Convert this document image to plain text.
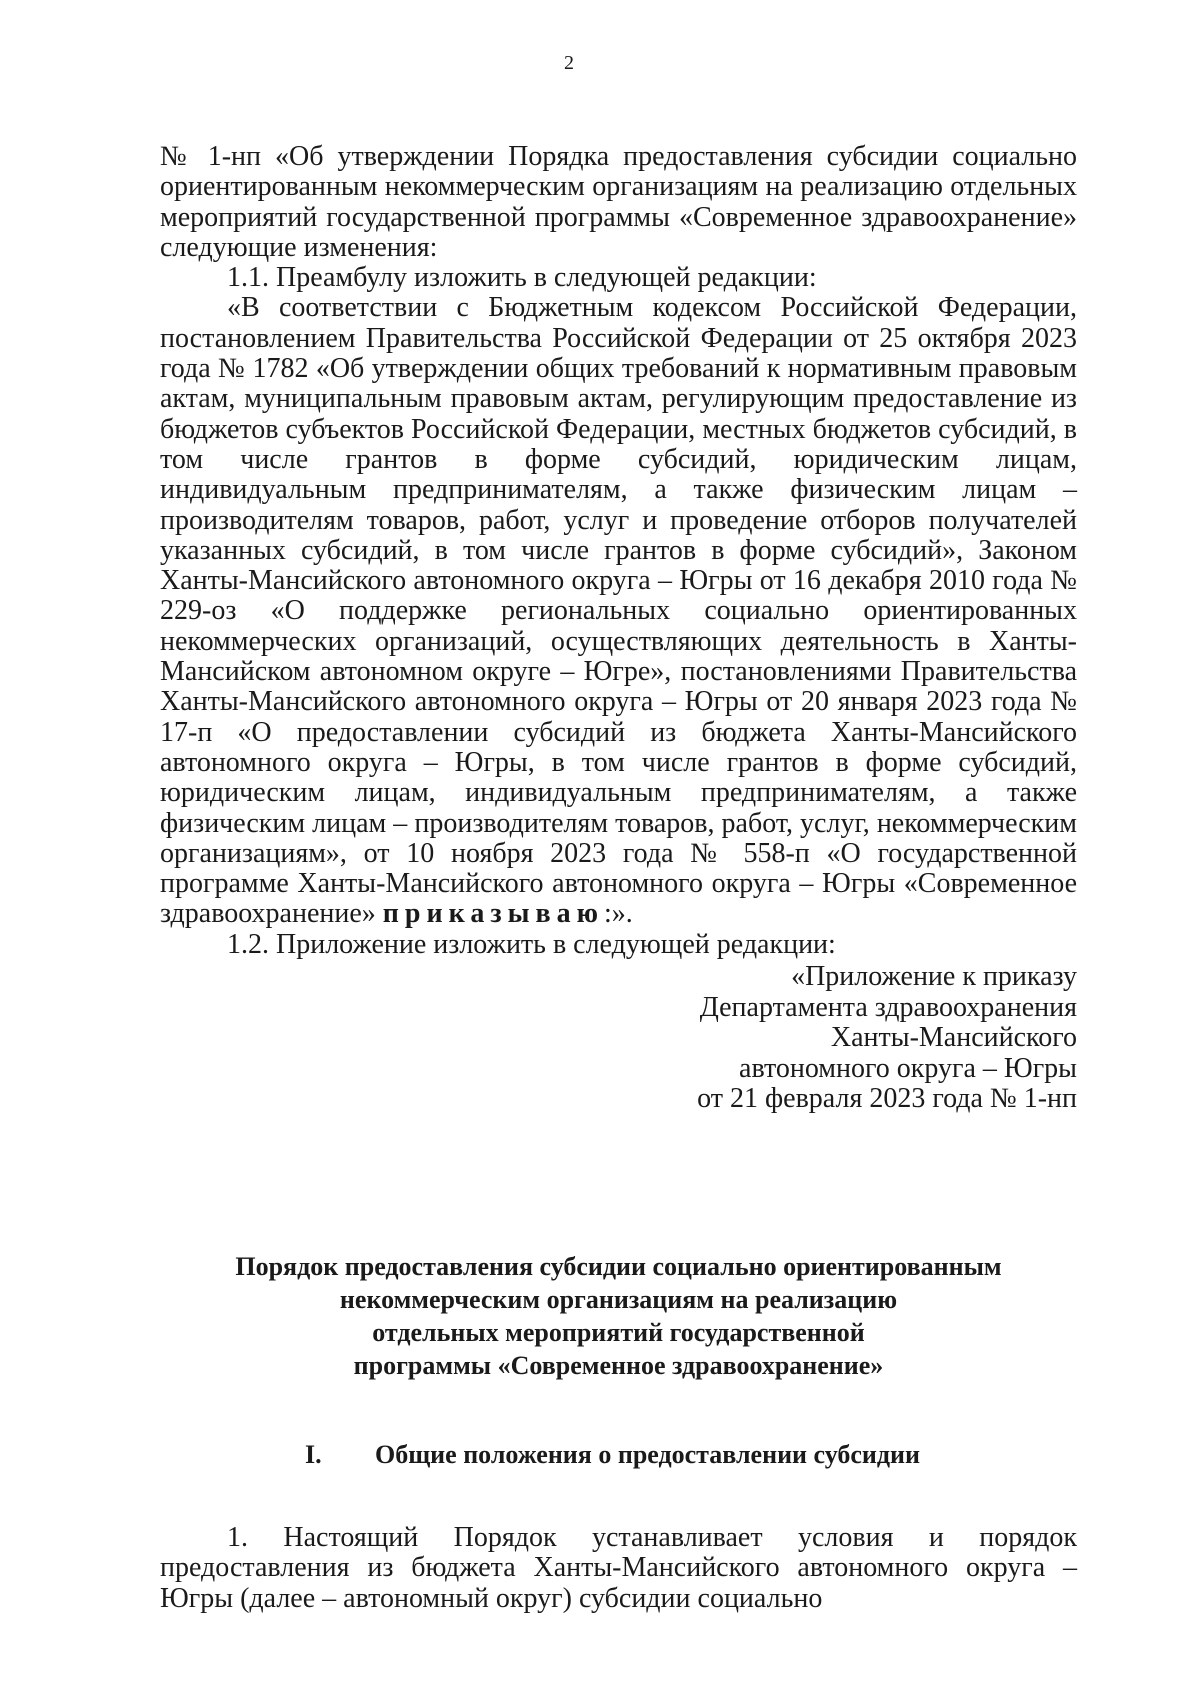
2

№ 1-нп «Об утверждении Порядка предоставления субсидии социально ориентированным некоммерческим организациям на реализацию отдельных мероприятий государственной программы «Современное здравоохранение» следующие изменения:

1.1. Преамбулу изложить в следующей редакции:

«В соответствии с Бюджетным кодексом Российской Федерации, постановлением Правительства Российской Федерации от 25 октября 2023 года № 1782 «Об утверждении общих требований к нормативным правовым актам, муниципальным правовым актам, регулирующим предоставление из бюджетов субъектов Российской Федерации, местных бюджетов субсидий, в том числе грантов в форме субсидий, юридическим лицам, индивидуальным предпринимателям, а также физическим лицам – производителям товаров, работ, услуг и проведение отборов получателей указанных субсидий, в том числе грантов в форме субсидий», Законом Ханты-Мансийского автономного округа – Югры от 16 декабря 2010 года № 229-оз «О поддержке региональных социально ориентированных некоммерческих организаций, осуществляющих деятельность в Ханты-Мансийском автономном округе – Югре», постановлениями Правительства Ханты-Мансийского автономного округа – Югры от 20 января 2023 года № 17-п «О предоставлении субсидий из бюджета Ханты-Мансийского автономного округа – Югры, в том числе грантов в форме субсидий, юридическим лицам, индивидуальным предпринимателям, а также физическим лицам – производителям товаров, работ, услуг, некоммерческим организациям», от 10 ноября 2023 года № 558-п «О государственной программе Ханты-Мансийского автономного округа – Югры «Современное здравоохранение» приказываю:».

1.2. Приложение изложить в следующей редакции:

«Приложение к приказу
Департамента здравоохранения
Ханты-Мансийского
автономного округа – Югры
от 21 февраля 2023 года № 1-нп
Порядок предоставления субсидии социально ориентированным
некоммерческим организациям на реализацию
отдельных мероприятий государственной
программы «Современное здравоохранение»
I. Общие положения о предоставлении субсидии

1. Настоящий Порядок устанавливает условия и порядок предоставления из бюджета Ханты-Мансийского автономного округа – Югры (далее – автономный округ) субсидии социально
